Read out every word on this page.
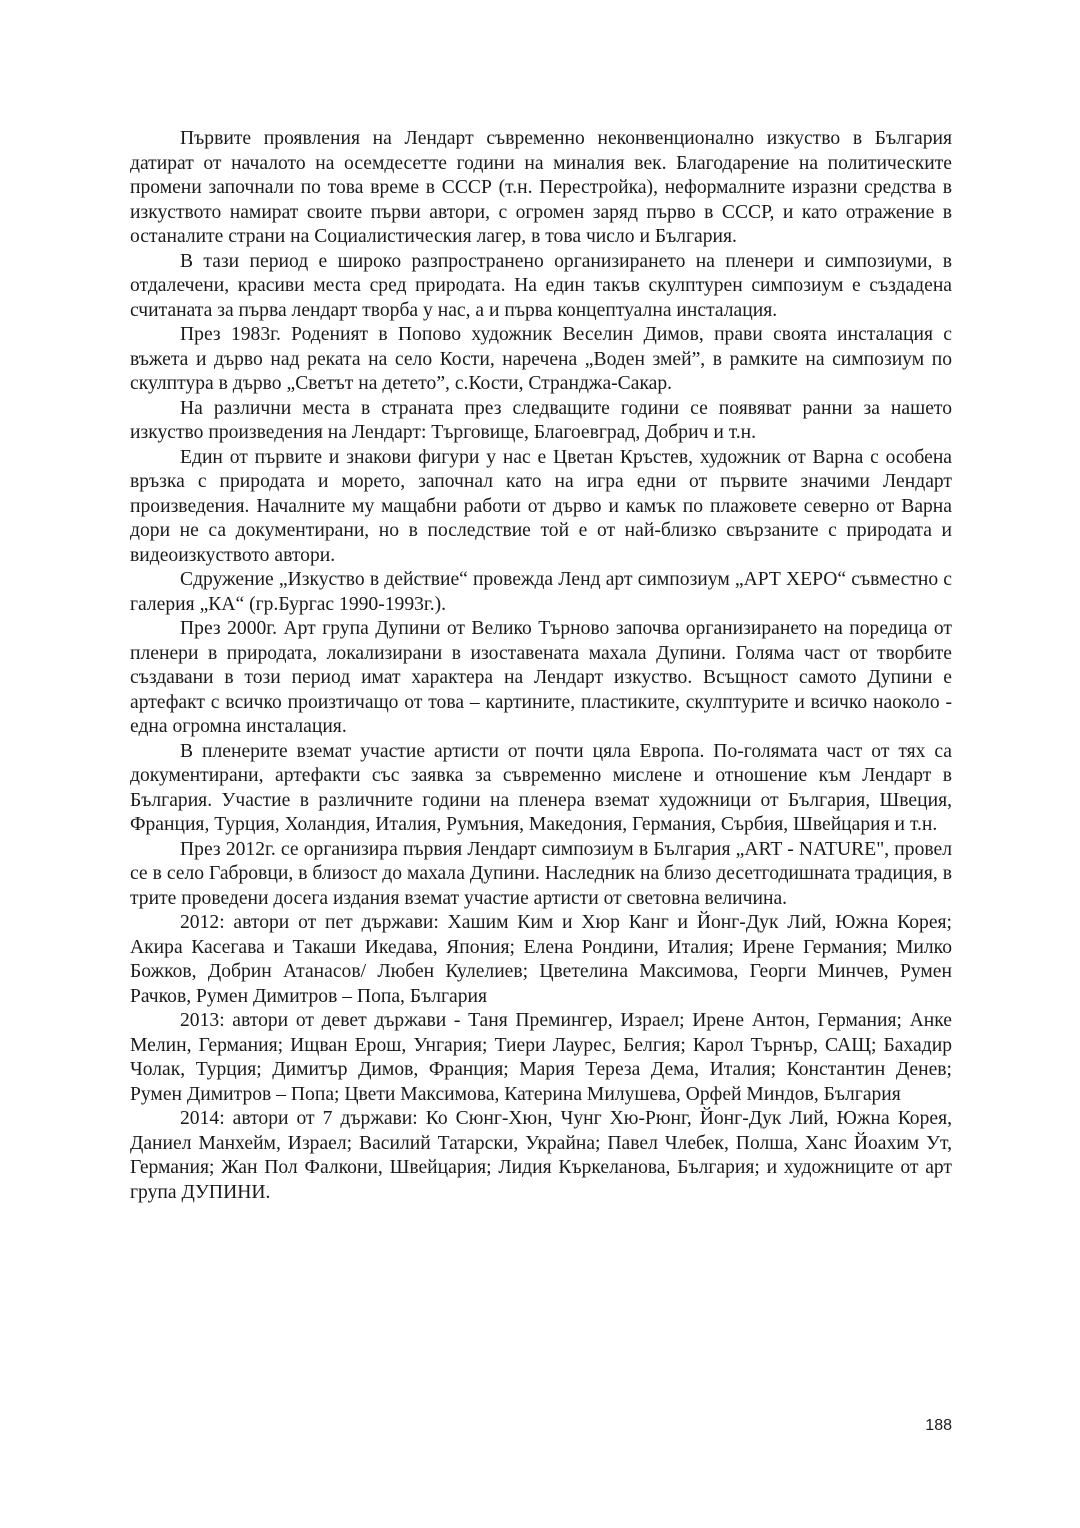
Първите проявления на Лендарт съвременно неконвенционално изкуство в България датират от началото на осемдесетте години на миналия век. Благодарение на политическите промени започнали по това време в СССР (т.н. Перестройка), неформалните изразни средства в изкуството намират своите първи автори, с огромен заряд първо в СССР, и като отражение в останалите страни на Социалистическия лагер, в това число и България.

В тази период е широко разпространено организирането на пленери и симпозиуми, в отдалечени, красиви места сред природата. На един такъв скулптурен симпозиум е създадена считаната за първа лендарт творба у нас, а и първа концептуална инсталация.

През 1983г. Роденият в Попово художник Веселин Димов, прави своята инсталация с въжета и дърво над реката на село Кости, наречена „Воден змей”, в рамките на симпозиум по скулптура в дърво „Светът на детето”, с.Кости, Странджа-Сакар.

На различни места в страната през следващите години се появяват ранни за нашето изкуство произведения на Лендарт: Търговище, Благоевград, Добрич и т.н.

Един от първите и знакови фигури у нас е Цветан Кръстев, художник от Варна с особена връзка с природата и морето, започнал като на игра едни от първите значими Лендарт произведения. Началните му мащабни работи от дърво и камък по плажовете северно от Варна дори не са документирани, но в последствие той е от най-близко свързаните с природата и видеоизкуството автори.

Сдружение „Изкуство в действие“ провежда Ленд арт симпозиум „АРТ ХЕРО“ съвместно с галерия „КА“ (гр.Бургас 1990-1993г.).

През 2000г. Арт група Дупини от Велико Търново започва организирането на поредица от пленери в природата, локализирани в изоставената махала Дупини. Голяма част от творбите създавани в този период имат характера на Лендарт изкуство. Всъщност самото Дупини е артефакт с всичко произтичащо от това – картините, пластиките, скулптурите и всичко наоколо - една огромна инсталация.

В пленерите вземат участие артисти от почти цяла Европа. По-голямата част от тях са документирани, артефакти със заявка за съвременно мислене и отношение към Лендарт в България. Участие в различните години на пленера вземат художници от България, Швеция, Франция, Турция, Холандия, Италия, Румъния, Македония, Германия, Сърбия, Швейцария и т.н.

През 2012г. се организира първия Лендарт симпозиум в България „ART - NATURE", провел се в село Габровци, в близост до махала Дупини. Наследник на близо десетгодишната традиция, в трите проведени досега издания вземат участие артисти от световна величина.

2012: автори от пет държави: Хашим Ким и Хюр Канг и Йонг-Дук Лий, Южна Корея; Акира Касегава и Такаши Икедава, Япония; Елена Рондини, Италия; Ирене Германия; Милко Божков, Добрин Атанасов/ Любен Кулелиев; Цветелина Максимова, Георги Минчев, Румен Рачков, Румен Димитров – Попа, България

2013: автори от девет държави - Таня Премингер, Израел; Ирене Антон, Германия; Анке Мелин, Германия; Ищван Ерош, Унгария; Тиери Лаурес, Белгия; Карол Търнър, САЩ; Бахадир Чолак, Турция; Димитър Димов, Франция; Мария Тереза Дема, Италия; Константин Денев; Румен Димитров – Попа; Цвети Максимова, Катерина Милушева, Орфей Миндов, България

2014: автори от 7 държави: Ко Сюнг-Хюн, Чунг Хю-Рюнг, Йонг-Дук Лий, Южна Корея, Даниел Манхейм, Израел; Василий Татарски, Украйна; Павел Члебек, Полша, Ханс Йоахим Ут, Германия; Жан Пол Фалкони, Швейцария; Лидия Къркеланова, България; и художниците от арт група ДУПИНИ.

188
